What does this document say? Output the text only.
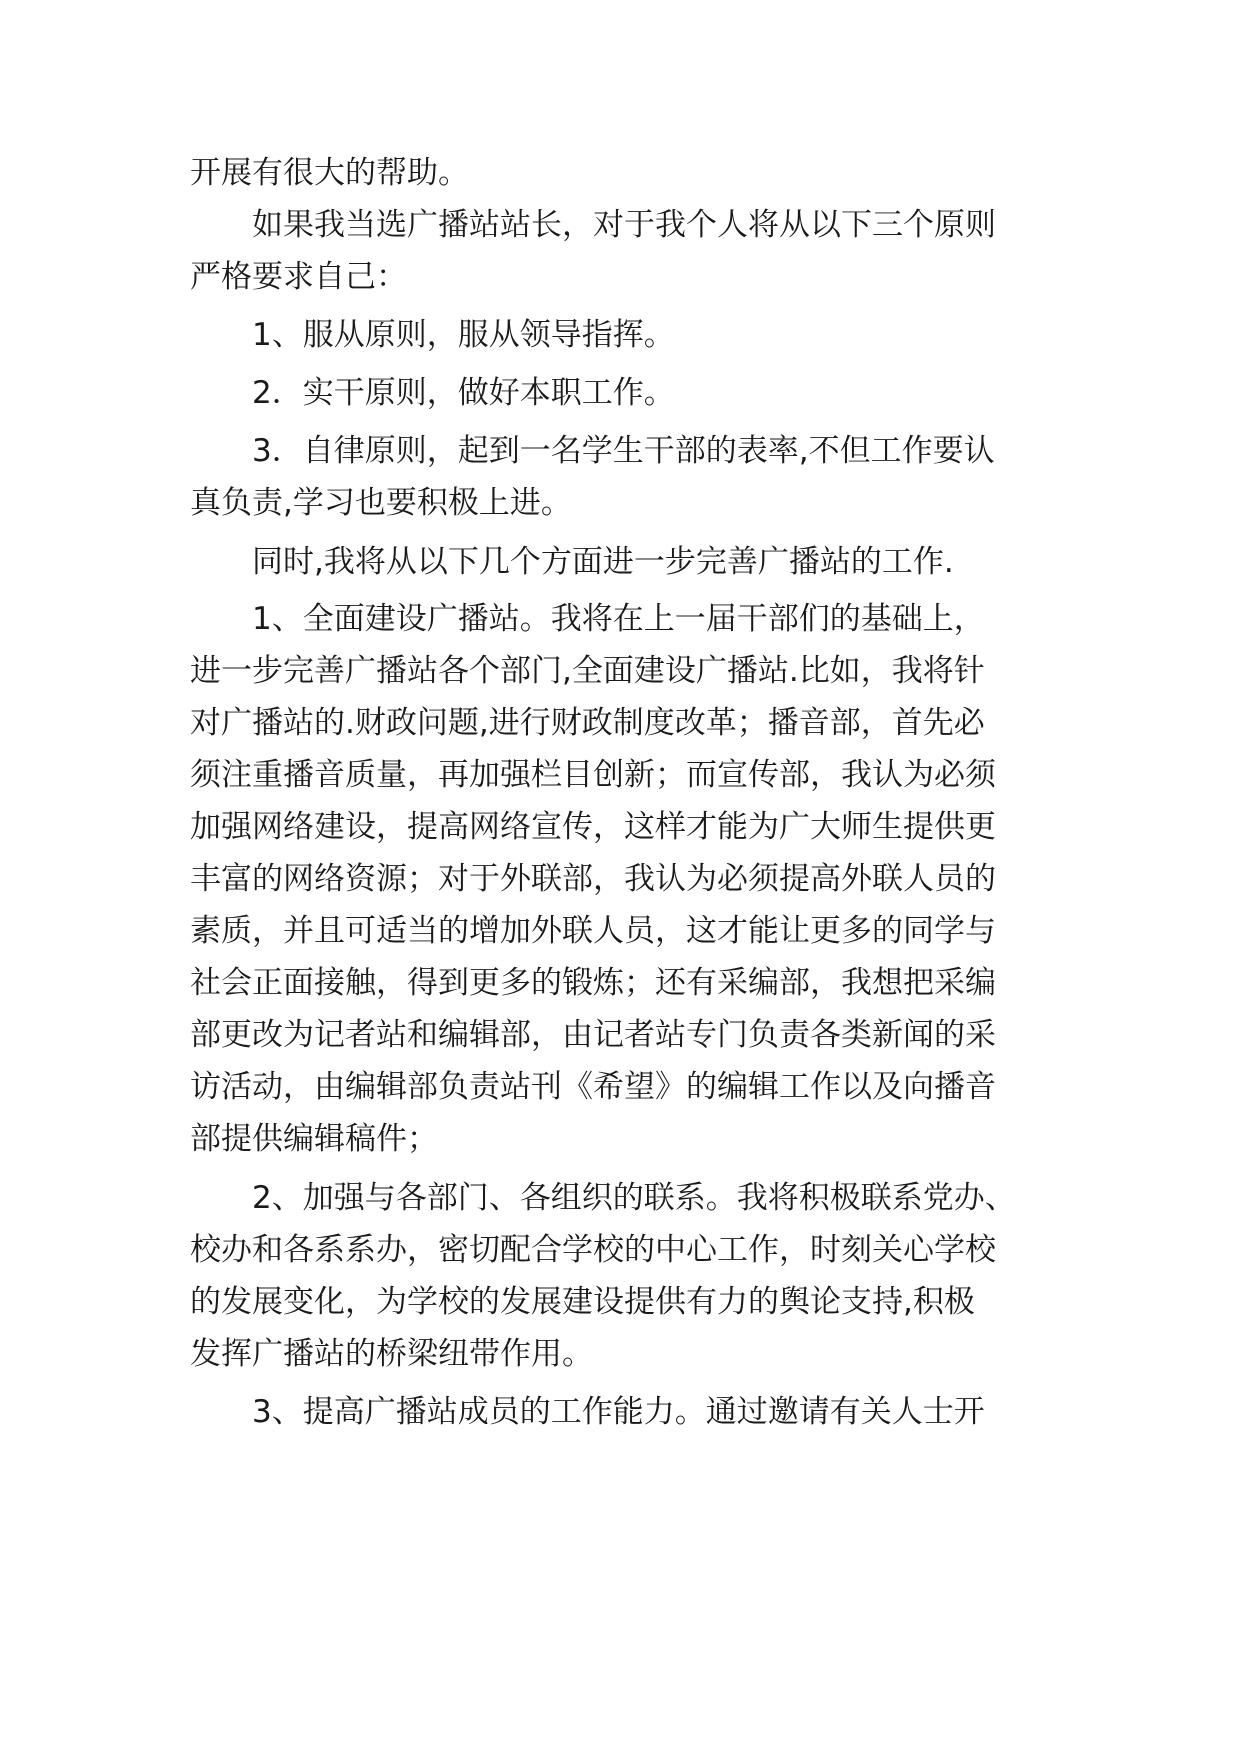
开展有很大的帮助。
　　如果我当选广播站站长，对于我个人将从以下三个原则
严格要求自己：
　　1、服从原则，服从领导指挥。
　　2．实干原则，做好本职工作。
　　3．自律原则，起到一名学生干部的表率,不但工作要认
真负责,学习也要积极上进。
　　同时,我将从以下几个方面进一步完善广播站的工作.
　　1、全面建设广播站。我将在上一届干部们的基础上，
进一步完善广播站各个部门,全面建设广播站.比如，我将针
对广播站的.财政问题,进行财政制度改革；播音部，首先必
须注重播音质量，再加强栏目创新；而宣传部，我认为必须
加强网络建设，提高网络宣传，这样才能为广大师生提供更
丰富的网络资源；对于外联部，我认为必须提高外联人员的
素质，并且可适当的增加外联人员，这才能让更多的同学与
社会正面接触，得到更多的锻炼；还有采编部，我想把采编
部更改为记者站和编辑部，由记者站专门负责各类新闻的采
访活动，由编辑部负责站刊《希望》的编辑工作以及向播音
部提供编辑稿件；
　　2、加强与各部门、各组织的联系。我将积极联系党办、
校办和各系系办，密切配合学校的中心工作，时刻关心学校
的发展变化，为学校的发展建设提供有力的舆论支持,积极
发挥广播站的桥梁纽带作用。
　　3、提高广播站成员的工作能力。通过邀请有关人士开
